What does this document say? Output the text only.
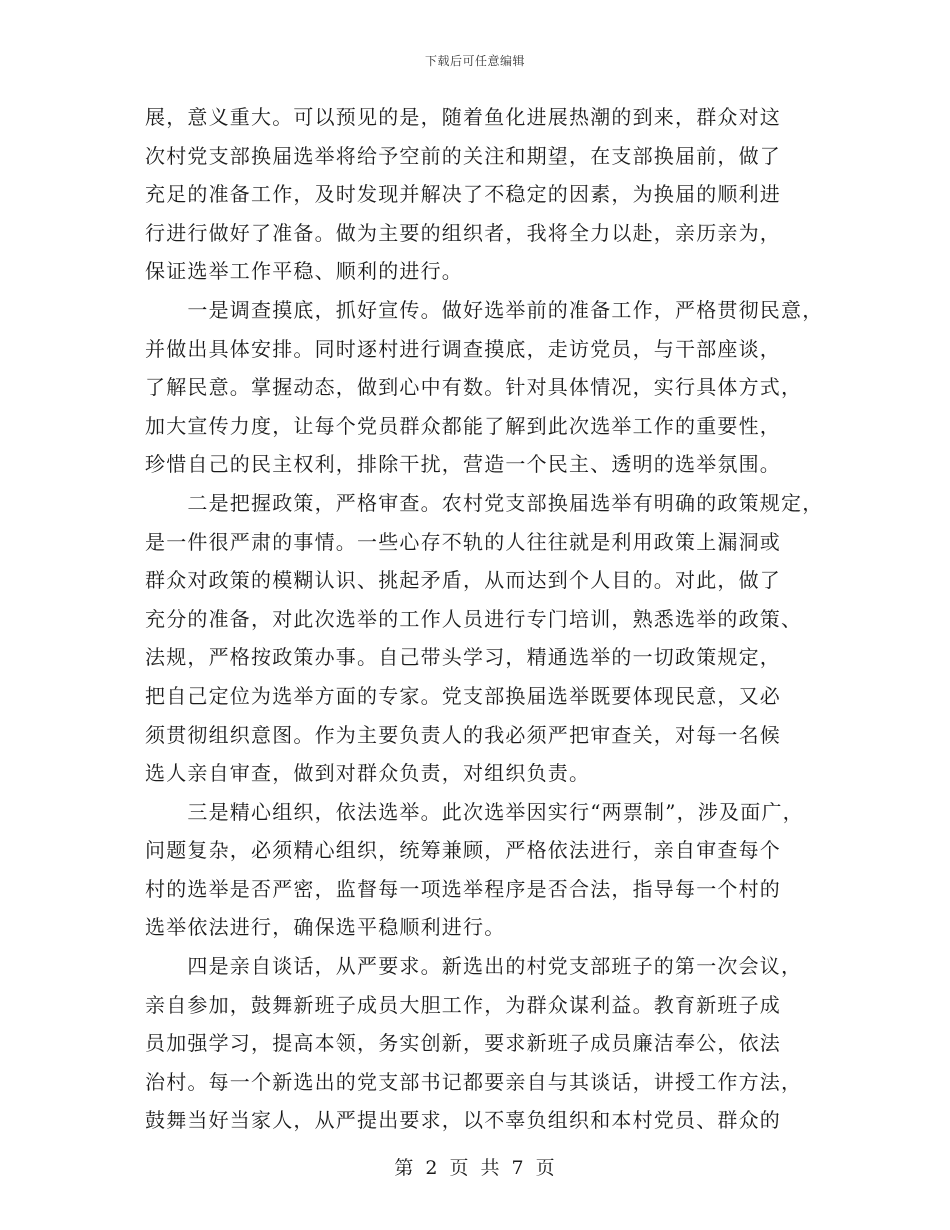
下载后可任意编辑
展，意义重大。可以预见的是，随着鱼化进展热潮的到来，群众对这
次村党支部换届选举将给予空前的关注和期望，在支部换届前，做了
充足的准备工作，及时发现并解决了不稳定的因素，为换届的顺利进
行进行做好了准备。做为主要的组织者，我将全力以赴，亲历亲为，
保证选举工作平稳、顺利的进行。
　　一是调查摸底，抓好宣传。做好选举前的准备工作，严格贯彻民意，
并做出具体安排。同时逐村进行调查摸底，走访党员，与干部座谈，
了解民意。掌握动态，做到心中有数。针对具体情况，实行具体方式，
加大宣传力度，让每个党员群众都能了解到此次选举工作的重要性，
珍惜自己的民主权利，排除干扰，营造一个民主、透明的选举氛围。
　　二是把握政策，严格审查。农村党支部换届选举有明确的政策规定，
是一件很严肃的事情。一些心存不轨的人往往就是利用政策上漏洞或
群众对政策的模糊认识、挑起矛盾，从而达到个人目的。对此，做了
充分的准备，对此次选举的工作人员进行专门培训，熟悉选举的政策、
法规，严格按政策办事。自己带头学习，精通选举的一切政策规定，
把自己定位为选举方面的专家。党支部换届选举既要体现民意，又必
须贯彻组织意图。作为主要负责人的我必须严把审查关，对每一名候
选人亲自审查，做到对群众负责，对组织负责。
　　三是精心组织，依法选举。此次选举因实行“两票制”，涉及面广，
问题复杂，必须精心组织，统筹兼顾，严格依法进行，亲自审查每个
村的选举是否严密，监督每一项选举程序是否合法，指导每一个村的
选举依法进行，确保选平稳顺利进行。
　　四是亲自谈话，从严要求。新选出的村党支部班子的第一次会议，
亲自参加，鼓舞新班子成员大胆工作，为群众谋利益。教育新班子成
员加强学习，提高本领，务实创新，要求新班子成员廉洁奉公，依法
治村。每一个新选出的党支部书记都要亲自与其谈话，讲授工作方法，
鼓舞当好当家人，从严提出要求，以不辜负组织和本村党员、群众的
第 2 页 共 7 页
